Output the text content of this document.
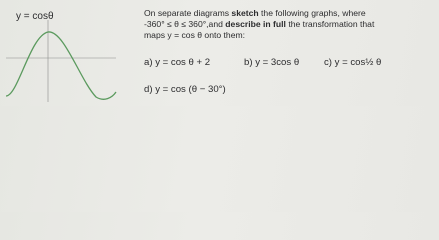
y = cosθ	On separate diagrams sketch the following graphs, where
-360° ≤ θ ≤ 360°,and describe in full the transformation that
maps y = cos θ onto them:
a) y = cos θ + 2	b) y = 3cos θ	c) y = cos½ θ
d) y = cos (θ − 30°)
